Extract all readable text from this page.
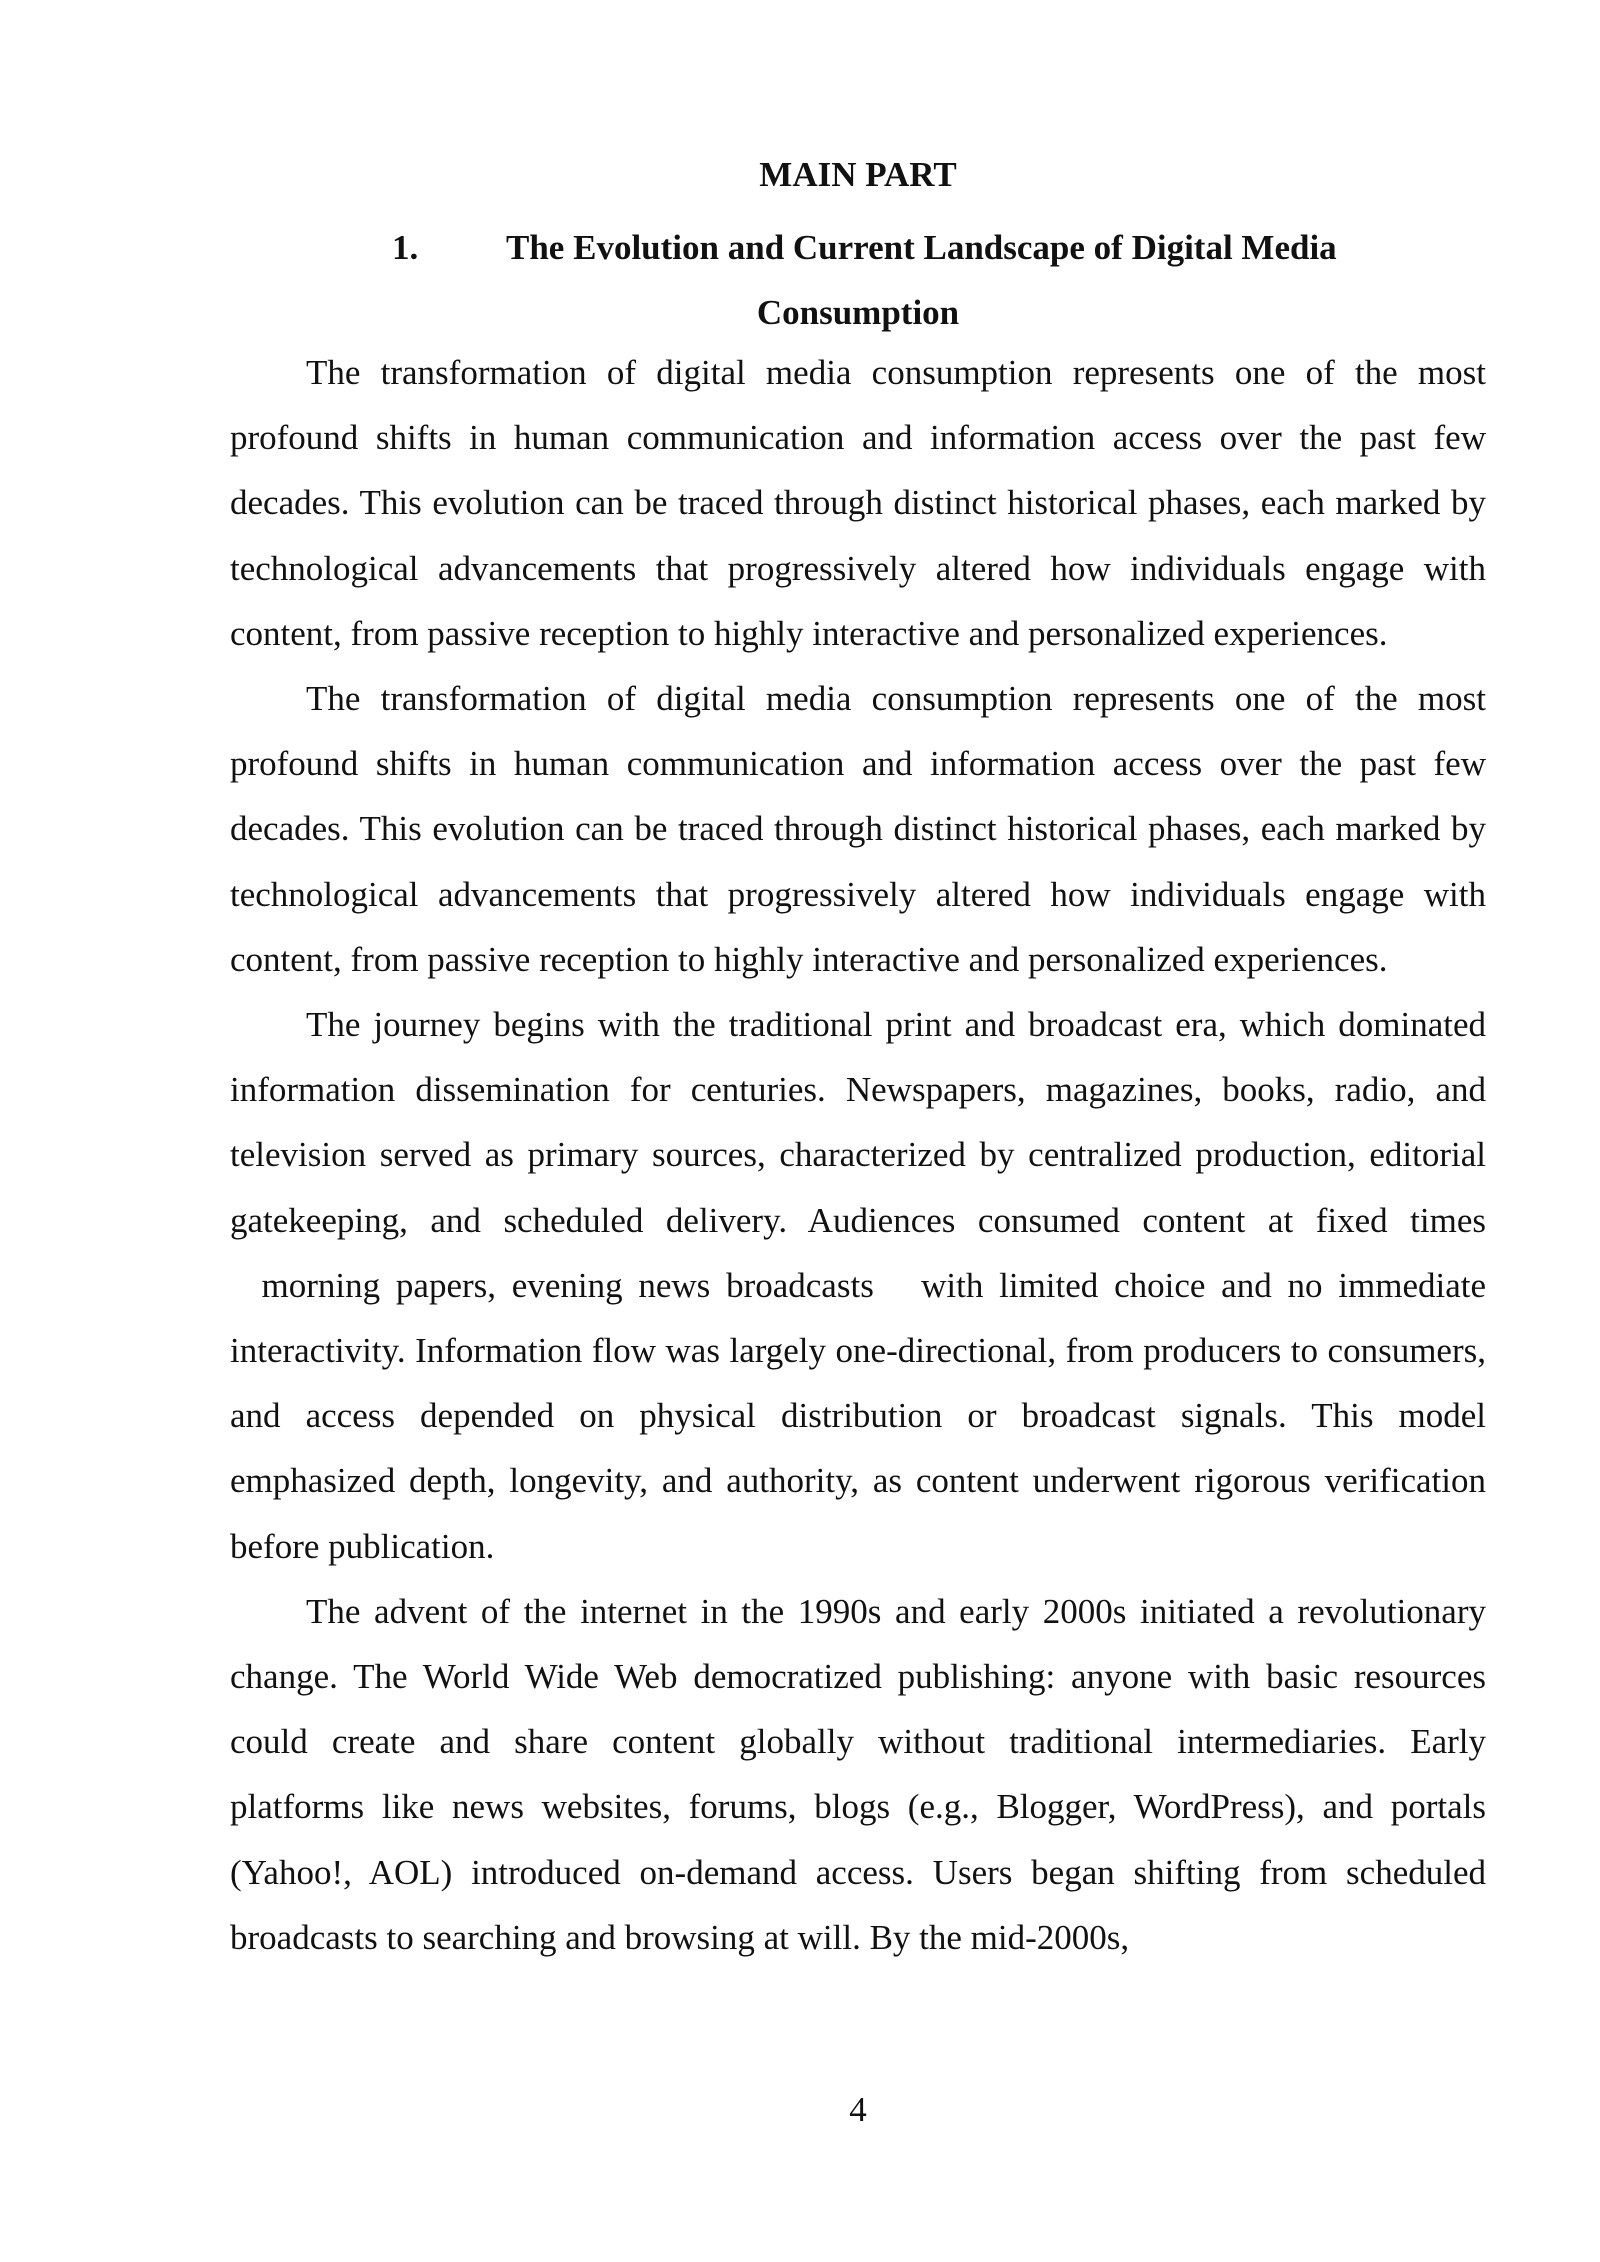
MAIN PART
1.	The Evolution and Current Landscape of Digital Media
Consumption

The transformation of digital media consumption represents one of the most profound shifts in human communication and information access over the past few decades. This evolution can be traced through distinct historical phases, each marked by technological advancements that progressively altered how individuals engage with content, from passive reception to highly interactive and personalized experiences.

The transformation of digital media consumption represents one of the most profound shifts in human communication and information access over the past few decades. This evolution can be traced through distinct historical phases, each marked by technological advancements that progressively altered how individuals engage with content, from passive reception to highly interactive and personalized experiences.

The journey begins with the traditional print and broadcast era, which dominated information dissemination for centuries. Newspapers, magazines, books, radio, and television served as primary sources, characterized by centralized production, editorial gatekeeping, and scheduled delivery. Audiences consumed content at fixed times   morning papers, evening news broadcasts   with limited choice and no immediate interactivity. Information flow was largely one-directional, from producers to consumers, and access depended on physical distribution or broadcast signals. This model emphasized depth, longevity, and authority, as content underwent rigorous verification before publication.

The advent of the internet in the 1990s and early 2000s initiated a revolutionary change. The World Wide Web democratized publishing: anyone with basic resources could create and share content globally without traditional intermediaries. Early platforms like news websites, forums, blogs (e.g., Blogger, WordPress), and portals (Yahoo!, AOL) introduced on-demand access. Users began shifting from scheduled broadcasts to searching and browsing at will. By the mid-2000s,

4
